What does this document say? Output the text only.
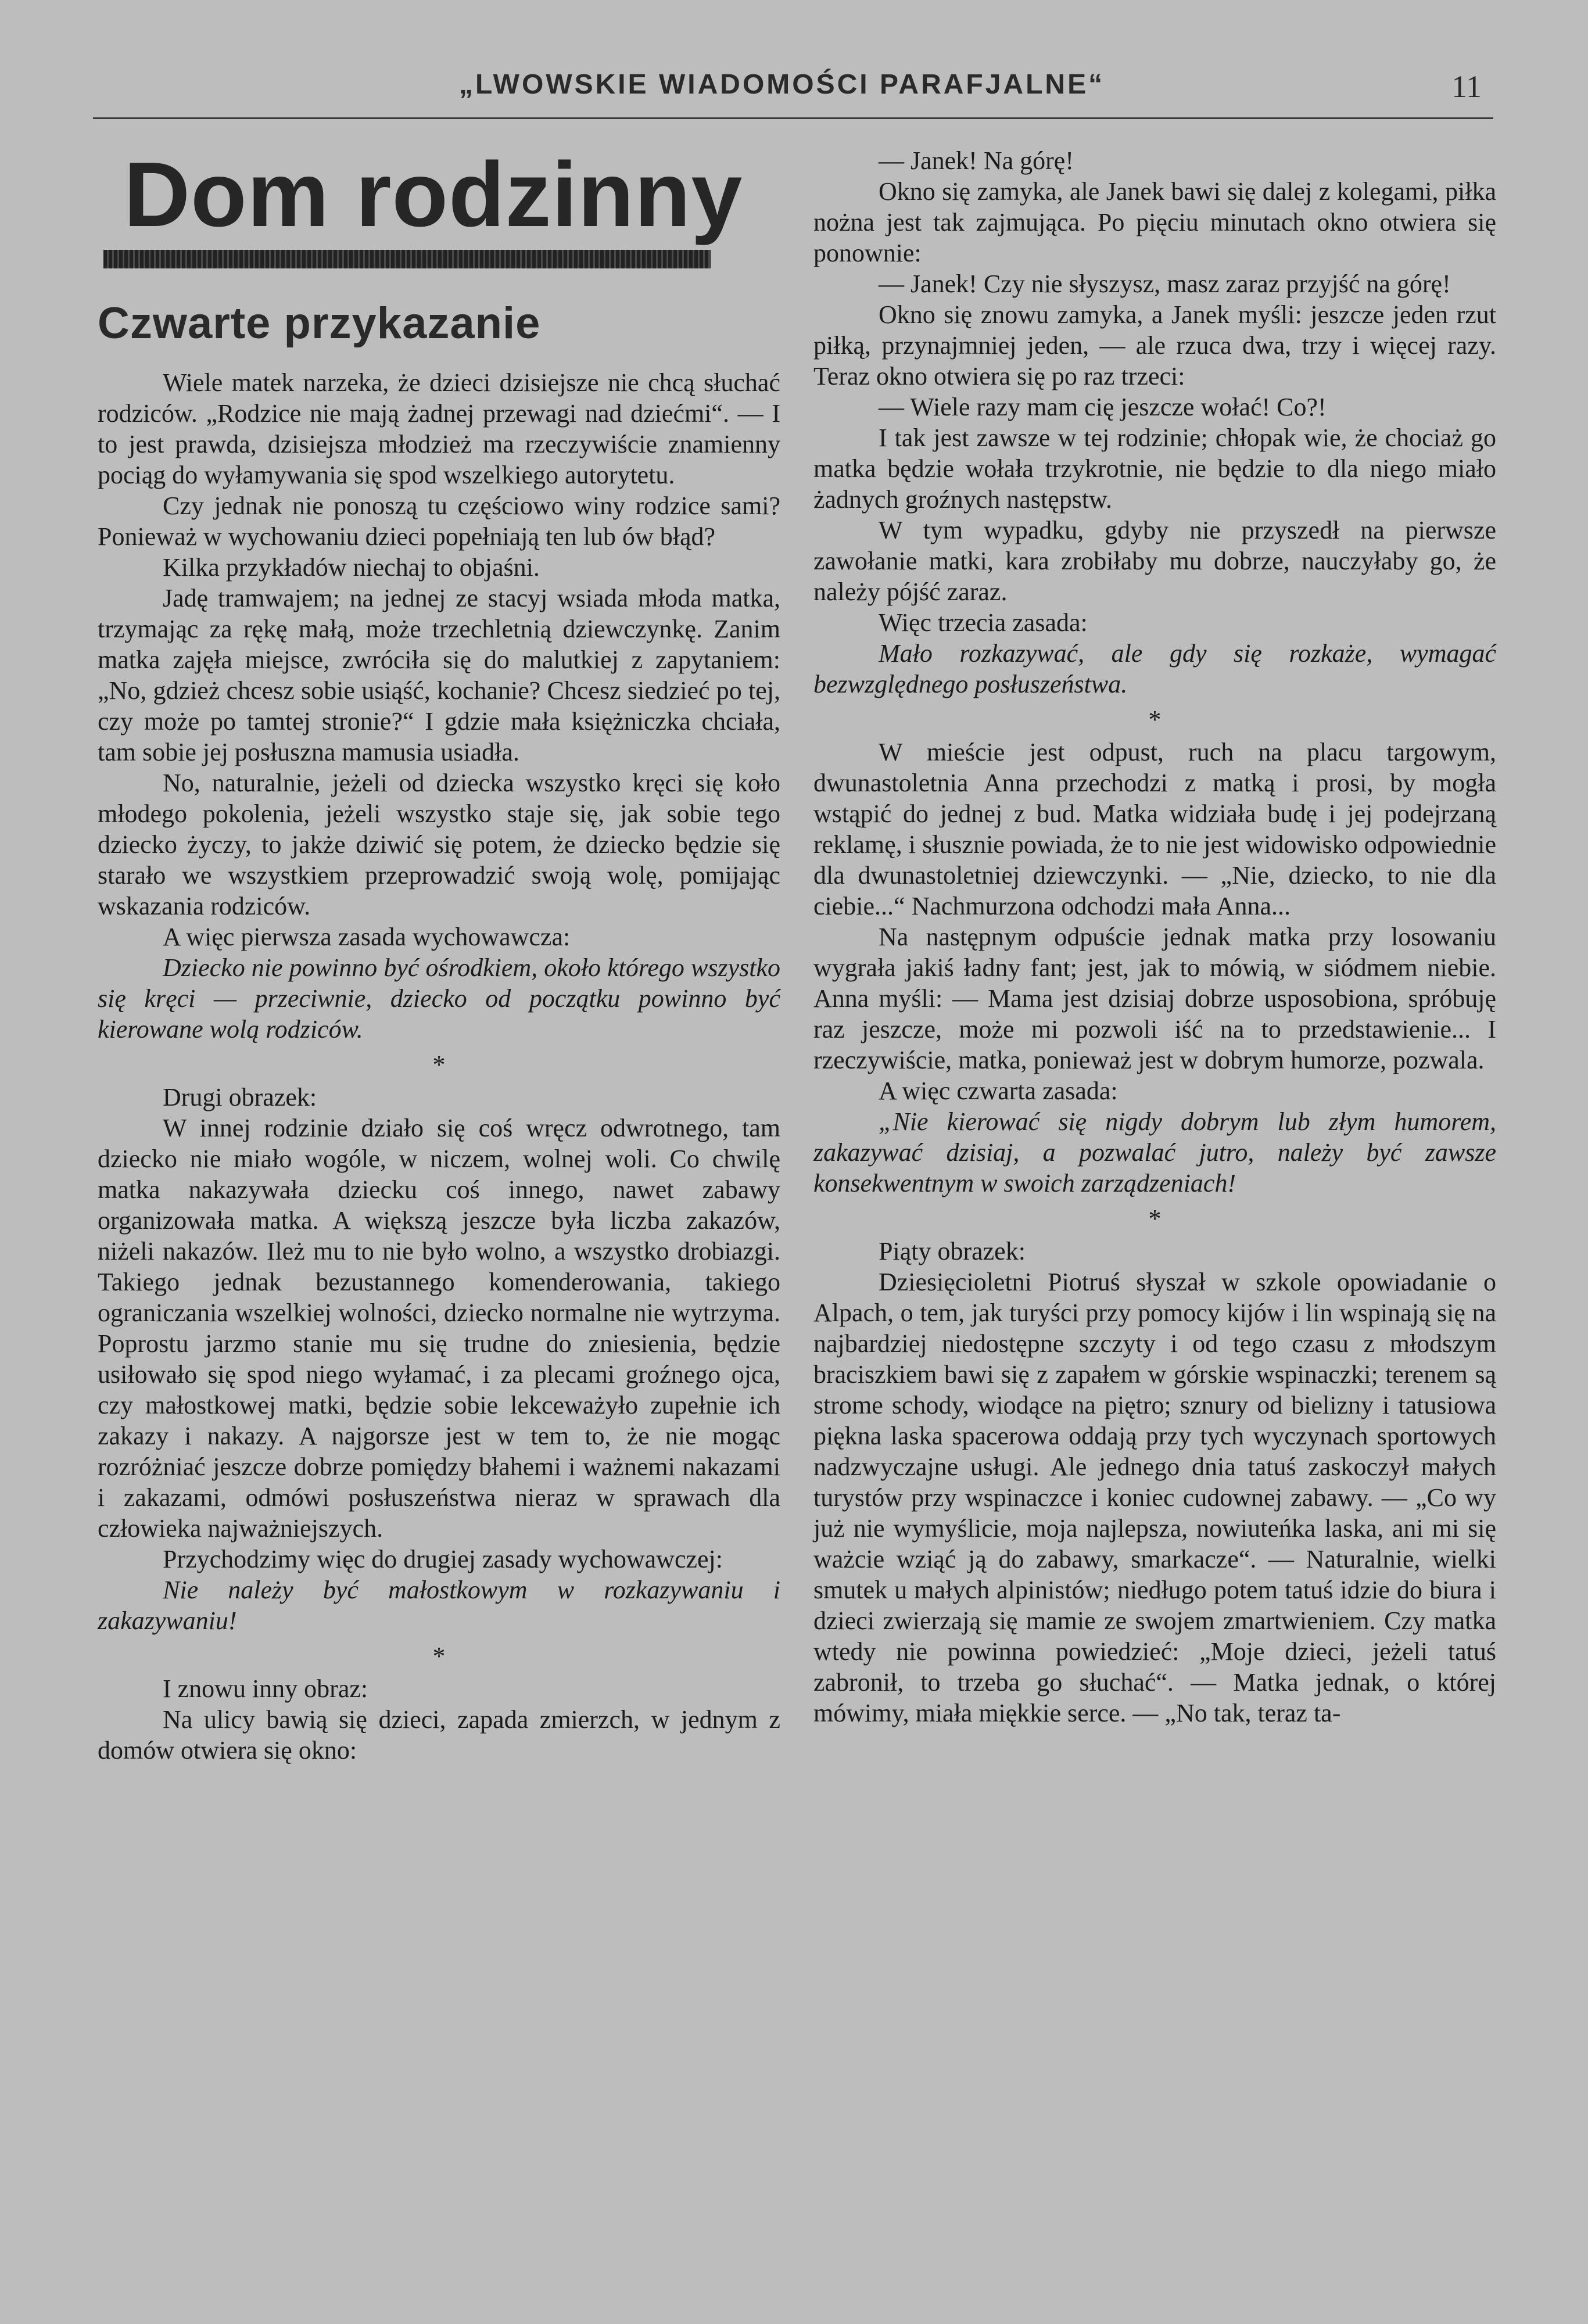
„LWOWSKIE WIADOMOŚCI PARAFJALNE“	11
Dom rodzinny
Czwarte przykazanie

Wiele matek narzeka, że dzieci dzisiejsze nie chcą słuchać rodziców. „Rodzice nie mają żadnej przewagi nad dziećmi“. — I to jest prawda, dzisiejsza młodzież ma rzeczywiście znamienny pociąg do wyłamywania się spod wszelkiego autorytetu.

Czy jednak nie ponoszą tu częściowo winy rodzice sami? Ponieważ w wychowaniu dzieci popełniają ten lub ów błąd?

Kilka przykładów niechaj to objaśni.

Jadę tramwajem; na jednej ze stacyj wsiada młoda matka, trzymając za rękę małą, może trzechletnią dziewczynkę. Zanim matka zajęła miejsce, zwróciła się do malutkiej z zapytaniem: „No, gdzież chcesz sobie usiąść, kochanie? Chcesz siedzieć po tej, czy może po tamtej stronie?“ I gdzie mała księżniczka chciała, tam sobie jej posłuszna mamusia usiadła.

No, naturalnie, jeżeli od dziecka wszystko kręci się koło młodego pokolenia, jeżeli wszystko staje się, jak sobie tego dziecko życzy, to jakże dziwić się potem, że dziecko będzie się starało we wszystkiem przeprowadzić swoją wolę, pomijając wskazania rodziców.

A więc pierwsza zasada wychowawcza:

Dziecko nie powinno być ośrodkiem, około którego wszystko się kręci — przeciwnie, dziecko od początku powinno być kierowane wolą rodziców.

*

Drugi obrazek:

W innej rodzinie działo się coś wręcz odwrotnego, tam dziecko nie miało wogóle, w niczem, wolnej woli. Co chwilę matka nakazywała dziecku coś innego, nawet zabawy organizowała matka. A większą jeszcze była liczba zakazów, niżeli nakazów. Ileż mu to nie było wolno, a wszystko drobiazgi. Takiego jednak bezustannego komenderowania, takiego ograniczania wszelkiej wolności, dziecko normalne nie wytrzyma. Poprostu jarzmo stanie mu się trudne do zniesienia, będzie usiłowało się spod niego wyłamać, i za plecami groźnego ojca, czy małostkowej matki, będzie sobie lekceważyło zupełnie ich zakazy i nakazy. A najgorsze jest w tem to, że nie mogąc rozróżniać jeszcze dobrze pomiędzy błahemi i ważnemi nakazami i zakazami, odmówi posłuszeństwa nieraz w sprawach dla człowieka najważniejszych.

Przychodzimy więc do drugiej zasady wychowawczej:

Nie należy być małostkowym w rozkazywaniu i zakazywaniu!

*

I znowu inny obraz:

Na ulicy bawią się dzieci, zapada zmierzch, w jednym z domów otwiera się okno:

— Janek! Na górę!

Okno się zamyka, ale Janek bawi się dalej z kolegami, piłka nożna jest tak zajmująca. Po pięciu minutach okno otwiera się ponownie:

— Janek! Czy nie słyszysz, masz zaraz przyjść na górę!

Okno się znowu zamyka, a Janek myśli: jeszcze jeden rzut piłką, przynajmniej jeden, — ale rzuca dwa, trzy i więcej razy. Teraz okno otwiera się po raz trzeci:

— Wiele razy mam cię jeszcze wołać! Co?!

I tak jest zawsze w tej rodzinie; chłopak wie, że chociaż go matka będzie wołała trzykrotnie, nie będzie to dla niego miało żadnych groźnych następstw.

W tym wypadku, gdyby nie przyszedł na pierwsze zawołanie matki, kara zrobiłaby mu dobrze, nauczyłaby go, że należy pójść zaraz.

Więc trzecia zasada:

Mało rozkazywać, ale gdy się rozkaże, wymagać bezwzględnego posłuszeństwa.

*

W mieście jest odpust, ruch na placu targowym, dwunastoletnia Anna przechodzi z matką i prosi, by mogła wstąpić do jednej z bud. Matka widziała budę i jej podejrzaną reklamę, i słusznie powiada, że to nie jest widowisko odpowiednie dla dwunastoletniej dziewczynki. — „Nie, dziecko, to nie dla ciebie...“ Nachmurzona odchodzi mała Anna...

Na następnym odpuście jednak matka przy losowaniu wygrała jakiś ładny fant; jest, jak to mówią, w siódmem niebie. Anna myśli: — Mama jest dzisiaj dobrze usposobiona, spróbuję raz jeszcze, może mi pozwoli iść na to przedstawienie... I rzeczywiście, matka, ponieważ jest w dobrym humorze, pozwala.

A więc czwarta zasada:

„Nie kierować się nigdy dobrym lub złym humorem, zakazywać dzisiaj, a pozwalać jutro, należy być zawsze konsekwentnym w swoich zarządzeniach!

*

Piąty obrazek:

Dziesięcioletni Piotruś słyszał w szkole opowiadanie o Alpach, o tem, jak turyści przy pomocy kijów i lin wspinają się na najbardziej niedostępne szczyty i od tego czasu z młodszym braciszkiem bawi się z zapałem w górskie wspinaczki; terenem są strome schody, wiodące na piętro; sznury od bielizny i tatusiowa piękna laska spacerowa oddają przy tych wyczynach sportowych nadzwyczajne usługi. Ale jednego dnia tatuś zaskoczył małych turystów przy wspinaczce i koniec cudownej zabawy. — „Co wy już nie wymyślicie, moja najlepsza, nowiuteńka laska, ani mi się ważcie wziąć ją do zabawy, smarkacze“. — Naturalnie, wielki smutek u małych alpinistów; niedługo potem tatuś idzie do biura i dzieci zwierzają się mamie ze swojem zmartwieniem. Czy matka wtedy nie powinna powiedzieć: „Moje dzieci, jeżeli tatuś zabronił, to trzeba go słuchać“. — Matka jednak, o której mówimy, miała miękkie serce. — „No tak, teraz ta-
